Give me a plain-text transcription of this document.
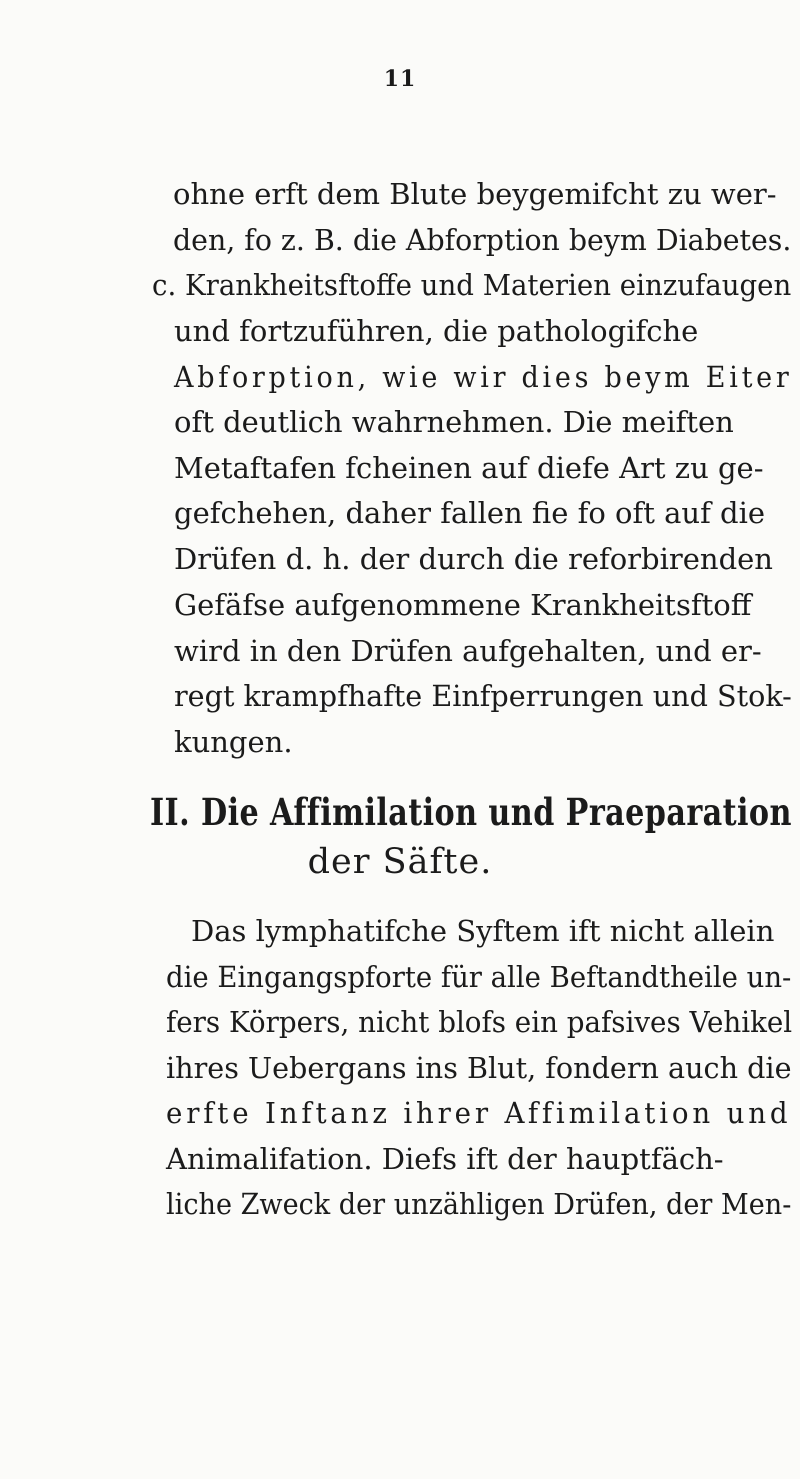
11
ohne erft dem Blute beygemifcht zu wer-
den, fo z. B. die Abforption beym Diabetes.
c. Krankheitsftoffe und Materien einzufaugen
und fortzuführen, die pathologifche
Abforption, wie wir dies beym Eiter
oft deutlich wahrnehmen. Die meiften
Metaftafen fcheinen auf diefe Art zu ge-
gefchehen, daher fallen fie fo oft auf die
Drüfen d. h. der durch die reforbirenden
Gefäfse aufgenommene Krankheitsftoff
wird in den Drüfen aufgehalten, und er-
regt krampfhafte Einfperrungen und Stok-
kungen.
II. Die Affimilation und Praeparation
der Säfte.
Das lymphatifche Syftem ift nicht allein
die Eingangspforte für alle Beftandtheile un-
fers Körpers, nicht blofs ein pafsives Vehikel
ihres Uebergans ins Blut, fondern auch die
erfte Inftanz ihrer Affimilation und
Animalifation. Diefs ift der hauptfäch-
liche Zweck der unzähligen Drüfen, der Men-
